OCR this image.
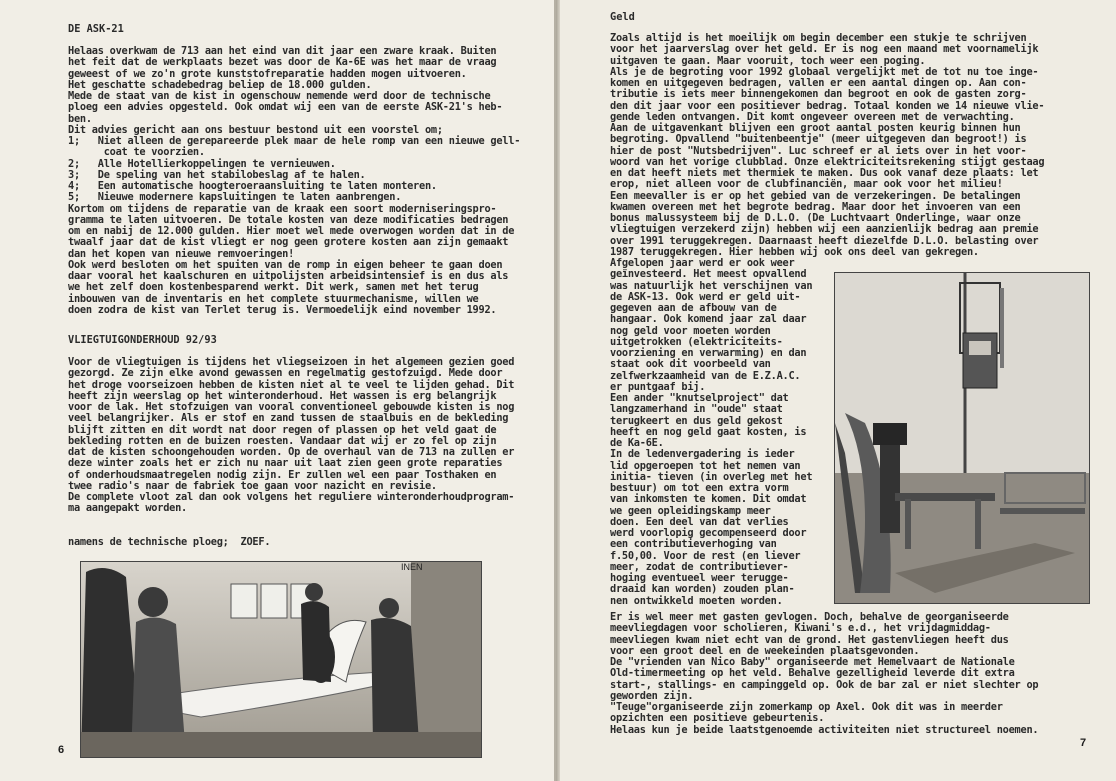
DE ASK-21
Helaas overkwam de 713 aan het eind van dit jaar een zware kraak. Buiten
het feit dat de werkplaats bezet was door de Ka-6E was het maar de vraag
geweest of we zo'n grote kunststofreparatie hadden mogen uitvoeren.
Het geschatte schadebedrag beliep de 18.000 gulden.
Mede de staat van de kist in ogenschouw nemende werd door de technische
ploeg een advies opgesteld. Ook omdat wij een van de eerste ASK-21's heb-
ben.
Dit advies gericht aan ons bestuur bestond uit een voorstel om;
1;   Niet alleen de gerepareerde plek maar de hele romp van een nieuwe gell-
coat te voorzien.
2;   Alle Hotellierkoppelingen te vernieuwen.
3;   De speling van het stabilobeslag af te halen.
4;   Een automatische hoogteroeraansluiting te laten monteren.
5;   Nieuwe modernere kapsluitingen te laten aanbrengen.
Kortom om tijdens de reparatie van de kraak een soort moderniseringspro-
gramma te laten uitvoeren. De totale kosten van deze modificaties bedragen
om en nabij de 12.000 gulden. Hier moet wel mede overwogen worden dat in de
twaalf jaar dat de kist vliegt er nog geen grotere kosten aan zijn gemaakt
dan het kopen van nieuwe remvoeringen!
Ook werd besloten om het spuiten van de romp in eigen beheer te gaan doen
daar vooral het kaalschuren en uitpolijsten arbeidsintensief is en dus als
we het zelf doen kostenbesparend werkt. Dit werk, samen met het terug
inbouwen van de inventaris en het complete stuurmechanisme, willen we
doen zodra de kist van Terlet terug is. Vermoedelijk eind november 1992.
VLIEGTUIGONDERHOUD 92/93
Voor de vliegtuigen is tijdens het vliegseizoen in het algemeen gezien goed
gezorgd. Ze zijn elke avond gewassen en regelmatig gestofzuigd. Mede door
het droge voorseizoen hebben de kisten niet al te veel te lijden gehad. Dit
heeft zijn weerslag op het winteronderhoud. Het wassen is erg belangrijk
voor de lak. Het stofzuigen van vooral conventioneel gebouwde kisten is nog
veel belangrijker. Als er stof en zand tussen de staalbuis en de bekleding
blijft zitten en dit wordt nat door regen of plassen op het veld gaat de
bekleding rotten en de buizen roesten. Vandaar dat wij er zo fel op zijn
dat de kisten schoongehouden worden. Op de overhaul van de 713 na zullen er
deze winter zoals het er zich nu naar uit laat zien geen grote reparaties
of onderhoudsmaatregelen nodig zijn. Er zullen wel een paar Tosthaken en
twee radio's naar de fabriek toe gaan voor nazicht en revisie.
De complete vloot zal dan ook volgens het reguliere winteronderhoudprogram-
ma aangepakt worden.
namens de technische ploeg;  ZOEF.
INEN
6
Geld
Zoals altijd is het moeilijk om begin december een stukje te schrijven
voor het jaarverslag over het geld. Er is nog een maand met voornamelijk
uitgaven te gaan. Maar vooruit, toch weer een poging.
Als je de begroting voor 1992 globaal vergelijkt met de tot nu toe inge-
komen en uitgegeven bedragen, vallen er een aantal dingen op. Aan con-
tributie is iets meer binnengekomen dan begroot en ook de gasten zorg-
den dit jaar voor een positiever bedrag. Totaal konden we 14 nieuwe vlie-
gende leden ontvangen. Dit komt ongeveer overeen met de verwachting.
Aan de uitgavenkant blijven een groot aantal posten keurig binnen hun
begroting. Opvallend "buitenbeentje" (meer uitgegeven dan begroot!) is
hier de post "Nutsbedrijven". Luc schreef er al iets over in het voor-
woord van het vorige clubblad. Onze elektriciteitsrekening stijgt gestaag
en dat heeft niets met thermiek te maken. Dus ook vanaf deze plaats: let
erop, niet alleen voor de clubfinanciën, maar ook voor het milieu!
Een meevaller is er op het gebied van de verzekeringen. De betalingen
kwamen overeen met het begrote bedrag. Maar door het invoeren van een
bonus malussysteem bij de D.L.O. (De Luchtvaart Onderlinge, waar onze
vliegtuigen verzekerd zijn) hebben wij een aanzienlijk bedrag aan premie
over 1991 teruggekregen. Daarnaast heeft diezelfde D.L.O. belasting over
1987 teruggekregen. Hier hebben wij ook ons deel van gekregen.
Afgelopen jaar werd er ook weer
geïnvesteerd. Het meest opvallend
was natuurlijk het verschijnen van
de ASK-13. Ook werd er geld uit-
gegeven aan de afbouw van de
hangaar. Ook komend jaar zal daar
nog geld voor moeten worden
uitgetrokken (elektriciteits-
voorziening en verwarming) en dan
staat ook dit voorbeeld van
zelfwerkzaamheid van de E.Z.A.C.
er puntgaaf bij.
Een ander "knutselproject" dat
langzamerhand in "oude" staat
terugkeert en dus geld gekost
heeft en nog geld gaat kosten, is
de Ka-6E.
In de ledenvergadering is ieder
lid opgeroepen tot het nemen van
initia- tieven (in overleg met het
bestuur) om tot een extra vorm
van inkomsten te komen. Dit omdat
we geen opleidingskamp meer
doen. Een deel van dat verlies
werd voorlopig gecompenseerd door
een contributieverhoging van
f.50,00. Voor de rest (en liever
meer, zodat de contributiever-
hoging eventueel weer terugge-
draaid kan worden) zouden plan-
nen ontwikkeld moeten worden.
Er is wel meer met gasten gevlogen. Doch, behalve de georganiseerde
meevliegdagen voor scholieren, Kiwani's e.d., het vrijdagmiddag-
meevliegen kwam niet echt van de grond. Het gastenvliegen heeft dus
voor een groot deel en de weekeinden plaatsgevonden.
De "vrienden van Nico Baby" organiseerde met Hemelvaart de Nationale
Old-timermeeting op het veld. Behalve gezelligheid leverde dit extra
start-, stallings- en campinggeld op. Ook de bar zal er niet slechter op
geworden zijn.
"Teuge"organiseerde zijn zomerkamp op Axel. Ook dit was in meerder
opzichten een positieve gebeurtenis.
Helaas kun je beide laatstgenoemde activiteiten niet structureel noemen.
7
